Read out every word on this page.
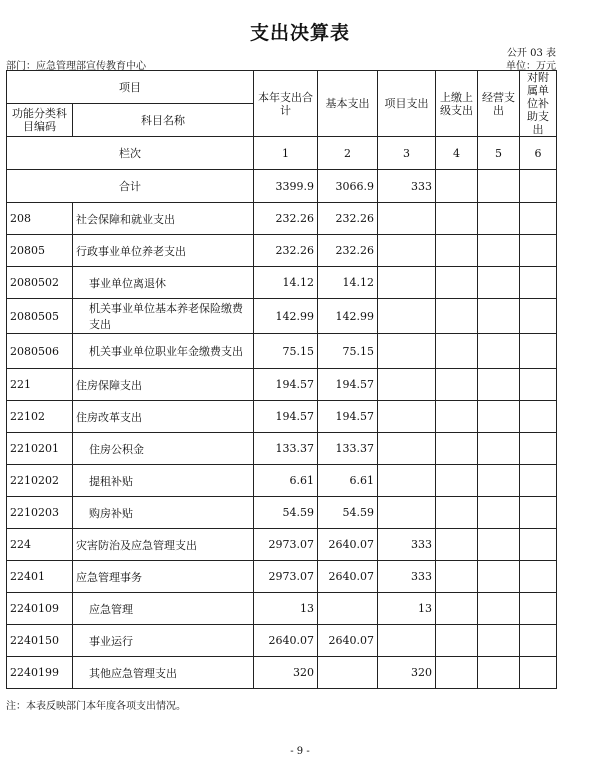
支出决算表
公开 03 表
部门：应急管理部宣传教育中心	单位：万元
项目		本年支出合计	基本支出	项目支出	上缴上级支出	经营支出	对附属单位补助支出
功能分类科目编码	科目名称						
栏次		1	2	3	4	5	6
合计		3399.9	3066.9	333			
208	社会保障和就业支出	232.26	232.26				
20805	行政事业单位养老支出	232.26	232.26				
2080502	事业单位离退休	14.12	14.12				
2080505	机关事业单位基本养老保险缴费支出	142.99	142.99				
2080506	机关事业单位职业年金缴费支出	75.15	75.15				
221	住房保障支出	194.57	194.57				
22102	住房改革支出	194.57	194.57				
2210201	住房公积金	133.37	133.37				
2210202	提租补贴	6.61	6.61				
2210203	购房补贴	54.59	54.59				
224	灾害防治及应急管理支出	2973.07	2640.07	333			
22401	应急管理事务	2973.07	2640.07	333			
2240109	应急管理	13		13			
2240150	事业运行	2640.07	2640.07				
2240199	其他应急管理支出	320		320			
注：本表反映部门本年度各项支出情况。
- 9 -
